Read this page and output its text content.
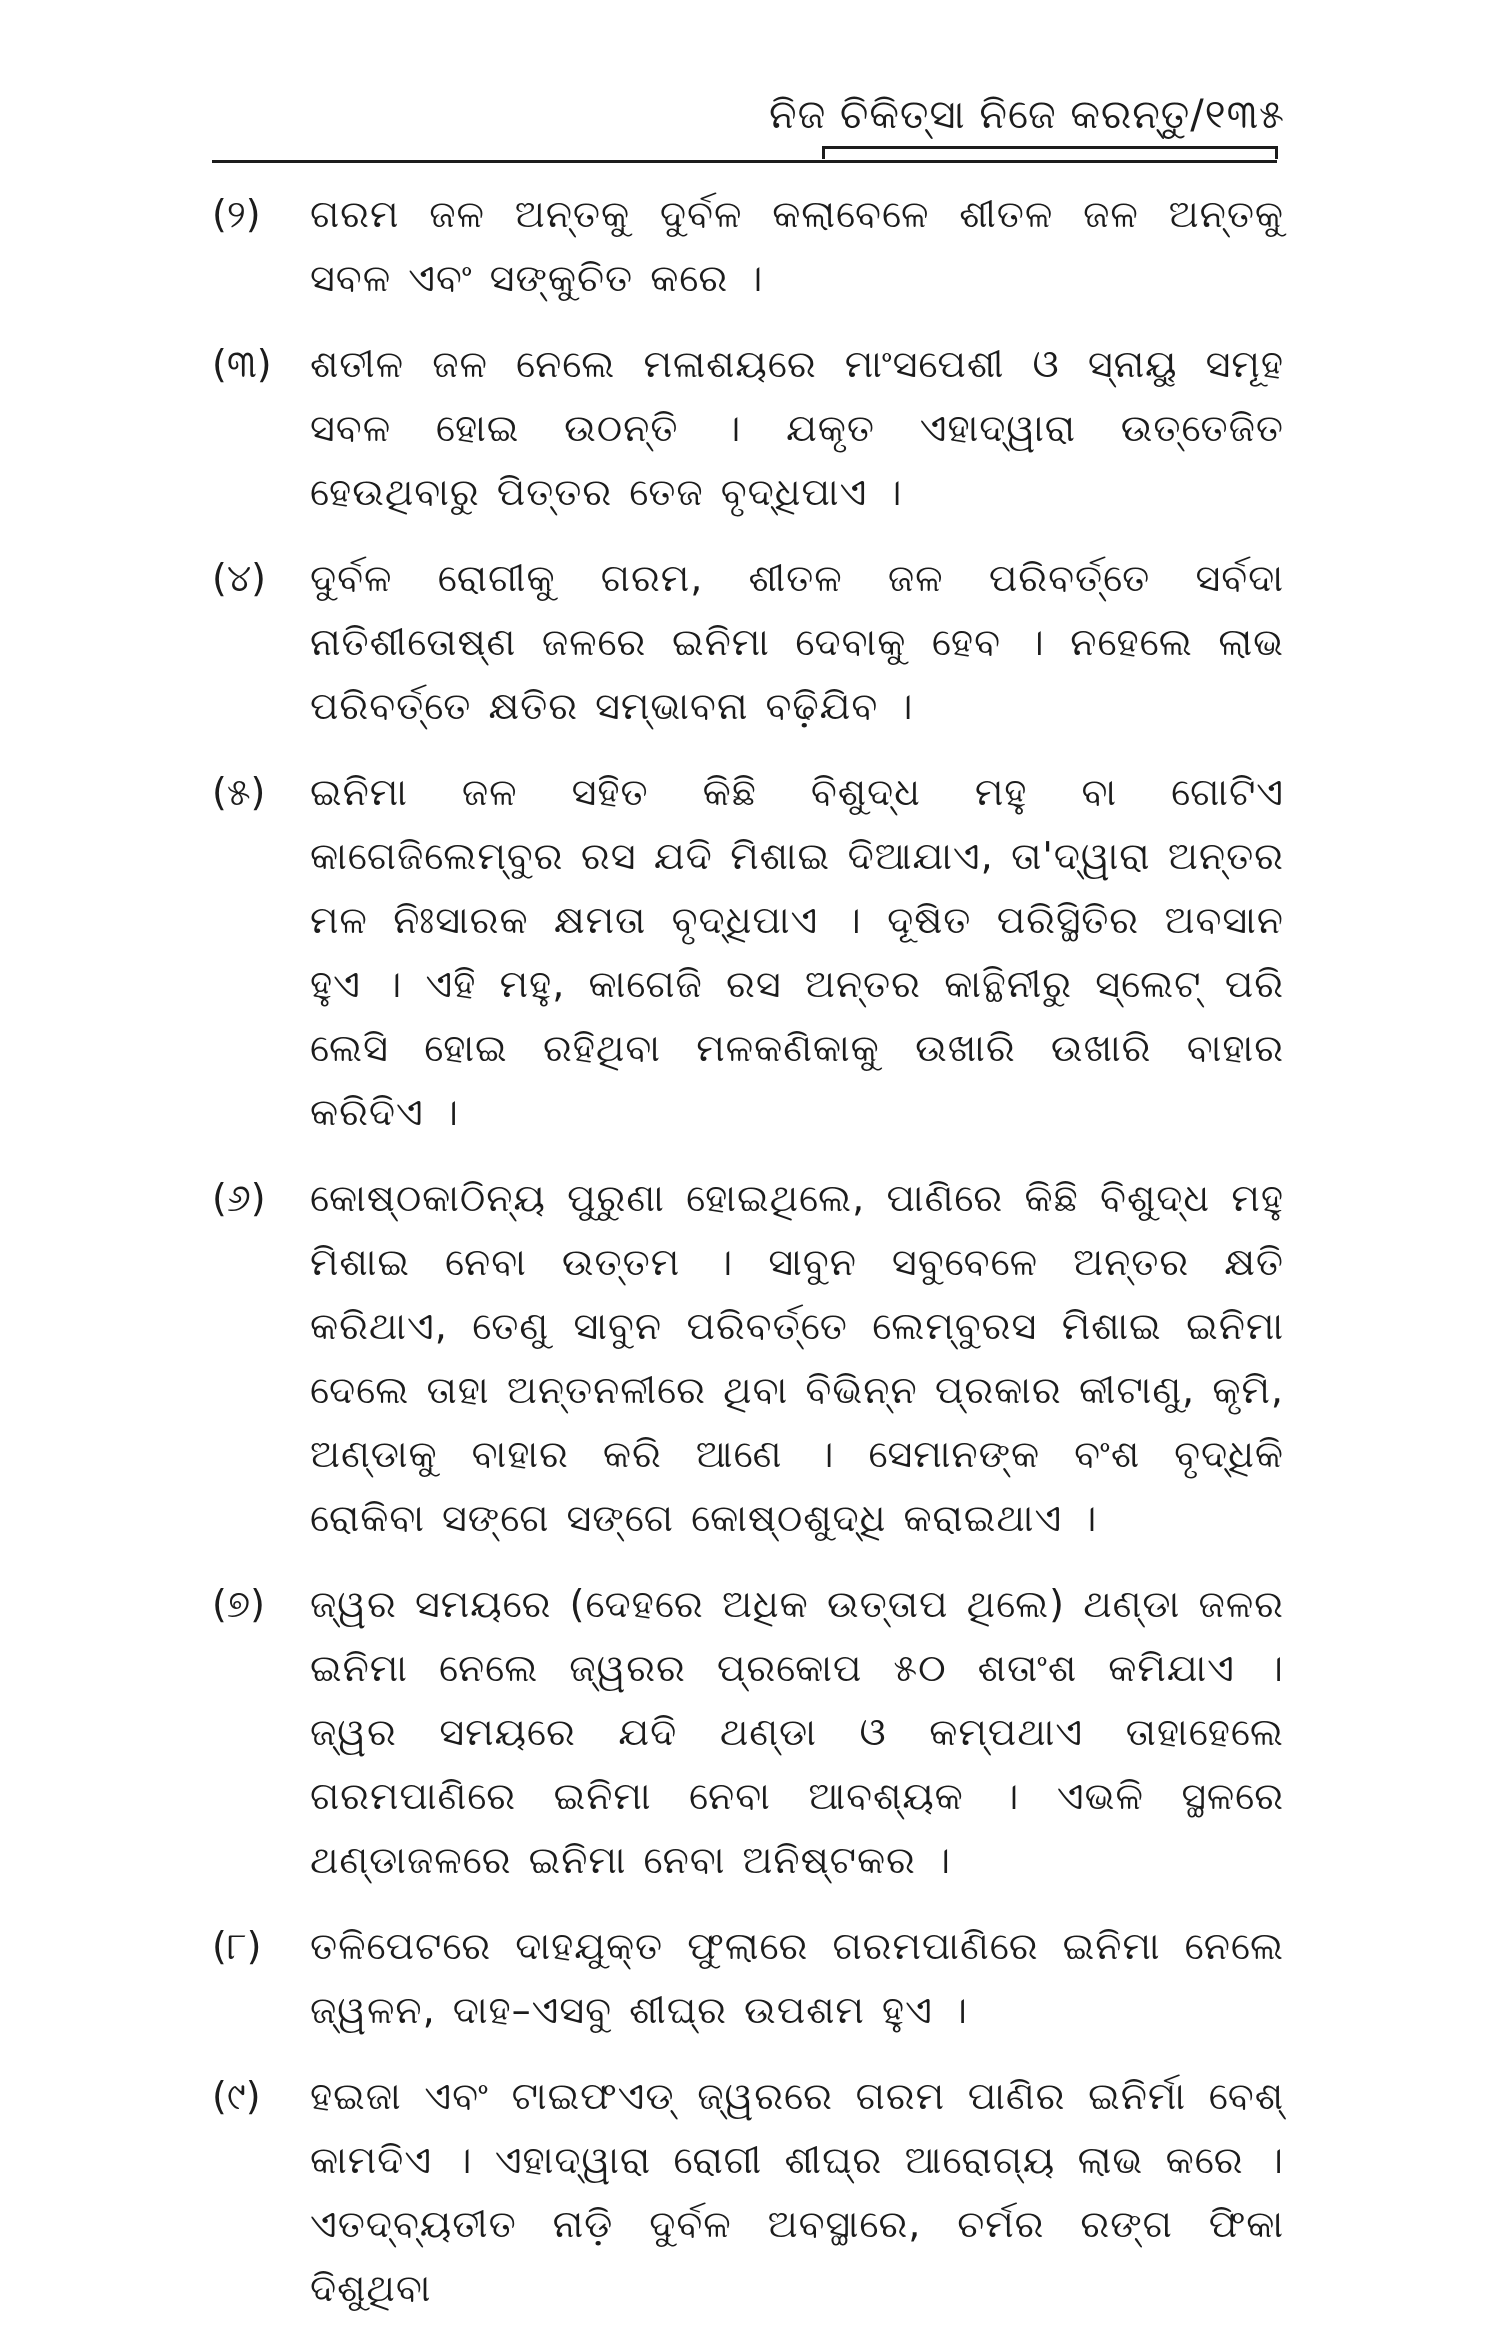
ନିଜ ଚିକିତ୍ସା ନିଜେ କରନ୍ତୁ/୧୩୫
(୨)	ଗରମ ଜଳ ଅନ୍ତକୁ ଦୁର୍ବଳ କଲାବେଳେ ଶୀତଳ ଜଳ ଅନ୍ତକୁ ସବଳ ଏବଂ ସଙ୍କୁଚିତ କରେ ।
(୩)	ଶତୀଳ ଜଳ ନେଲେ ମଳାଶୟରେ ମାଂସପେଶୀ ଓ ସ୍ନାୟୁ ସମୂହ ସବଳ ହୋଇ ଉଠନ୍ତି । ଯକୃତ ଏହାଦ୍ୱାରା ଉତ୍ତେଜିତ ହେଉଥିବାରୁ ପିତ୍ତର ତେଜ ବୃଦ୍ଧିପାଏ ।
(୪)	ଦୁର୍ବଳ ରୋଗୀକୁ ଗରମ, ଶୀତଳ ଜଳ ପରିବର୍ତ୍ତେ ସର୍ବଦା ନାତିଶୀତୋଷ୍ଣ ଜଳରେ ଇନିମା ଦେବାକୁ ହେବ । ନହେଲେ ଲାଭ ପରିବର୍ତ୍ତେ କ୍ଷତିର ସମ୍ଭାବନା ବଢ଼ିଯିବ ।
(୫)	ଇନିମା ଜଳ ସହିତ କିଛି ବିଶୁଦ୍ଧ ମହୁ ବା ଗୋଟିଏ କାଗେଜିଲେମ୍ବୁର ରସ ଯଦି ମିଶାଇ ଦିଆଯାଏ, ତା'ଦ୍ୱାରା ଅନ୍ତର ମଳ ନିଃସାରକ କ୍ଷମତା ବୃଦ୍ଧିପାଏ । ଦୂଷିତ ପରିସ୍ଥିତିର ଅବସାନ ହୁଏ । ଏହି ମହୁ, କାଗେଜି ରସ ଅନ୍ତର କାନ୍ଥିନୀରୁ ସ୍ଲେଟ୍ ପରି ଲେସି ହୋଇ ରହିଥିବା ମଳକଣିକାକୁ ଉଖାରି ଉଖାରି ବାହାର କରିଦିଏ ।
(୬)	କୋଷ୍ଠକାଠିନ୍ୟ ପୁରୁଣା ହୋଇଥିଲେ, ପାଣିରେ କିଛି ବିଶୁଦ୍ଧ ମହୁ ମିଶାଇ ନେବା ଉତ୍ତମ । ସାବୁନ ସବୁବେଳେ ଅନ୍ତର କ୍ଷତି କରିଥାଏ, ତେଣୁ ସାବୁନ ପରିବର୍ତ୍ତେ ଲେମ୍ବୁରସ ମିଶାଇ ଇନିମା ଦେଲେ ତାହା ଅନ୍ତନଳୀରେ ଥିବା ବିଭିନ୍ନ ପ୍ରକାର କୀଟାଣୁ, କୃମି, ଅଣ୍ଡାକୁ ବାହାର କରି ଆଣେ । ସେମାନଙ୍କ ବଂଶ ବୃଦ୍ଧିକି ରୋକିବା ସଙ୍ଗେ ସଙ୍ଗେ କୋଷ୍ଠଶୁଦ୍ଧି କରାଇଥାଏ ।
(୭)	ଜ୍ୱର ସମୟରେ (ଦେହରେ ଅଧିକ ଉତ୍ତାପ ଥିଲେ) ଥଣ୍ଡା ଜଳର ଇନିମା ନେଲେ ଜ୍ୱରର ପ୍ରକୋପ ୫୦ ଶତାଂଶ କମିଯାଏ । ଜ୍ୱର ସମୟରେ ଯଦି ଥଣ୍ଡା ଓ କମ୍ପଥାଏ ତାହାହେଲେ ଗରମପାଣିରେ ଇନିମା ନେବା ଆବଶ୍ୟକ । ଏଭଳି ସ୍ଥଳରେ ଥଣ୍ଡାଜଳରେ ଇନିମା ନେବା ଅନିଷ୍ଟକର ।
(୮)	ତଳିପେଟରେ ଦାହଯୁକ୍ତ ଫୁଲାରେ ଗରମପାଣିରେ ଇନିମା ନେଲେ ଜ୍ୱଳନ, ଦାହ–ଏସବୁ ଶୀଘ୍ର ଉପଶମ ହୁଏ ।
(୯)	ହଇଜା ଏବଂ ଟାଇଫଏଡ୍ ଜ୍ୱରରେ ଗରମ ପାଣିର ଇନିର୍ମା ବେଶ୍ କାମଦିଏ । ଏହାଦ୍ୱାରା ରୋଗୀ ଶୀଘ୍ର ଆରୋଗ୍ୟ ଲାଭ କରେ । ଏତଦ୍‌ବ୍ୟତୀତ ନାଡ଼ି ଦୁର୍ବଳ ଅବସ୍ଥାରେ, ଚର୍ମର ରଙ୍ଗ ଫିକା ଦିଶୁଥିବା
